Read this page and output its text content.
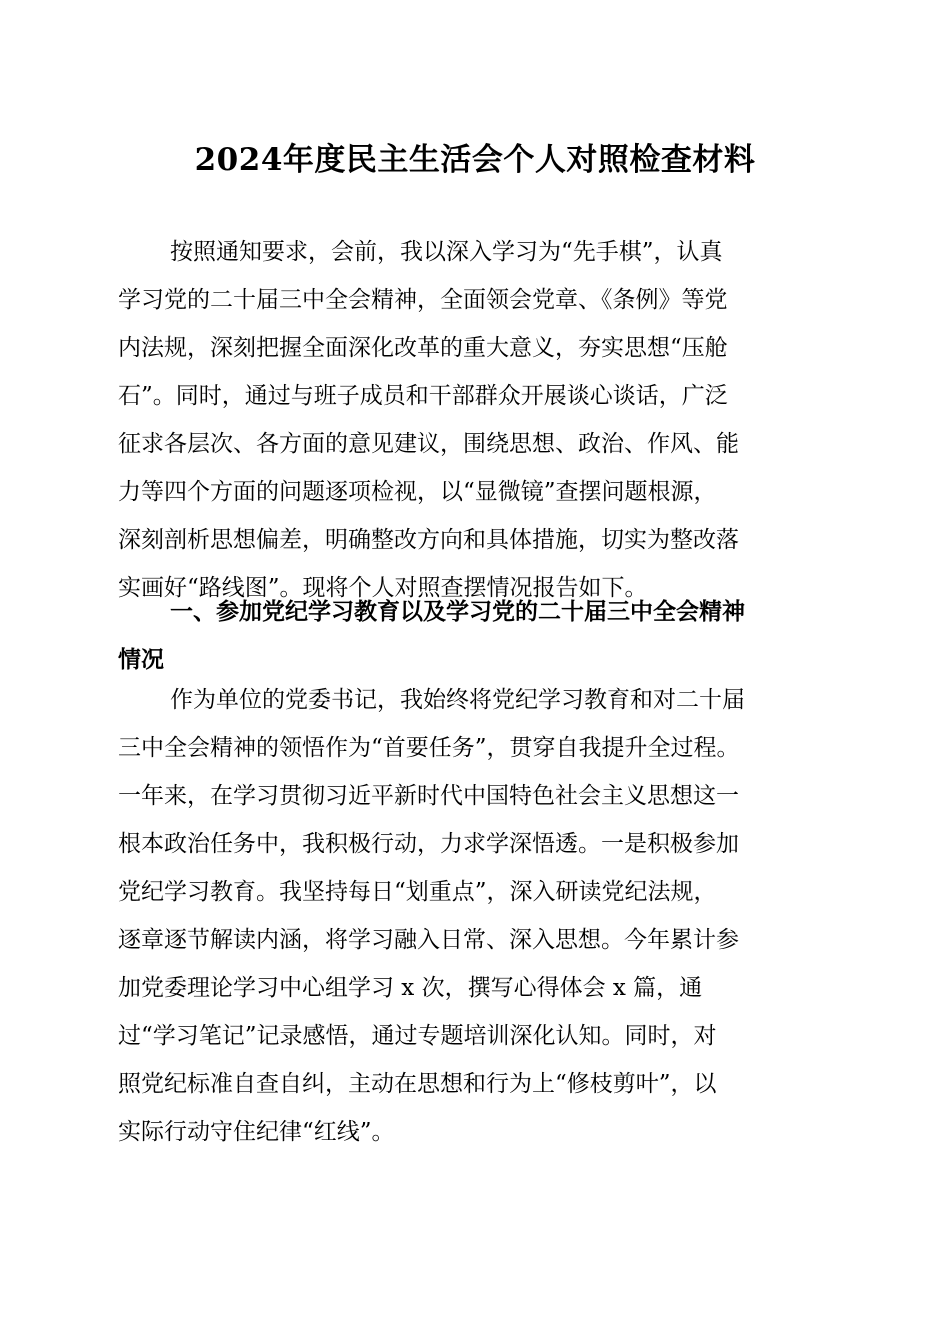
2024年度民主生活会个人对照检查材料
按照通知要求，会前，我以深入学习为“先手棋”，认真
学习党的二十届三中全会精神，全面领会党章、《条例》等党
内法规，深刻把握全面深化改革的重大意义，夯实思想“压舱
石”。同时，通过与班子成员和干部群众开展谈心谈话，广泛
征求各层次、各方面的意见建议，围绕思想、政治、作风、能
力等四个方面的问题逐项检视，以“显微镜”查摆问题根源，
深刻剖析思想偏差，明确整改方向和具体措施，切实为整改落
实画好“路线图”。现将个人对照查摆情况报告如下。
一、参加党纪学习教育以及学习党的二十届三中全会精神
情况
作为单位的党委书记，我始终将党纪学习教育和对二十届
三中全会精神的领悟作为“首要任务”，贯穿自我提升全过程。
一年来，在学习贯彻习近平新时代中国特色社会主义思想这一
根本政治任务中，我积极行动，力求学深悟透。一是积极参加
党纪学习教育。我坚持每日“划重点”，深入研读党纪法规，
逐章逐节解读内涵，将学习融入日常、深入思想。今年累计参
加党委理论学习中心组学习 x 次，撰写心得体会 x 篇，通
过“学习笔记”记录感悟，通过专题培训深化认知。同时，对
照党纪标准自查自纠，主动在思想和行为上“修枝剪叶”，以
实际行动守住纪律“红线”。
